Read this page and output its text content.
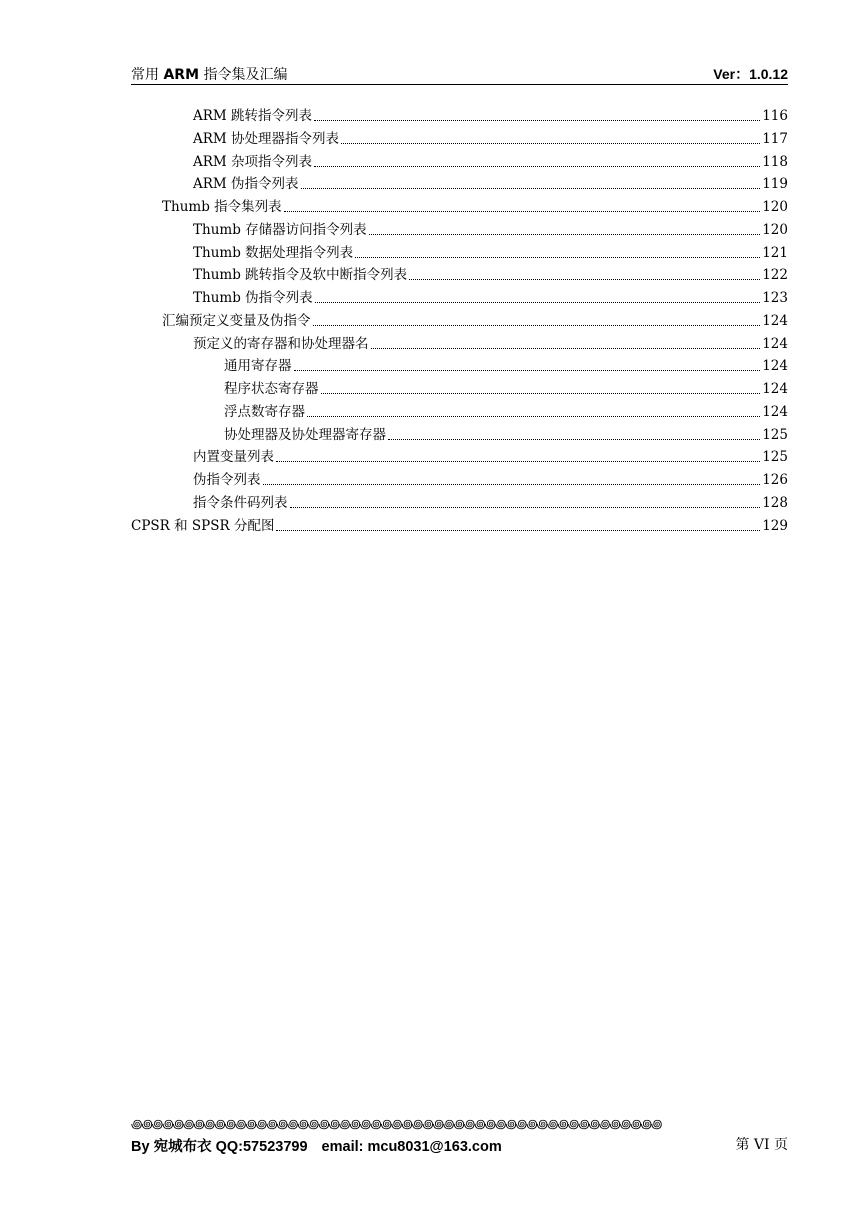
常用 ARM 指令集及汇编	Ver：1.0.12
ARM 跳转指令列表	116
ARM 协处理器指令列表	117
ARM 杂项指令列表	118
ARM 伪指令列表	119
Thumb 指令集列表	120
Thumb 存储器访问指令列表	120
Thumb 数据处理指令列表	121
Thumb 跳转指令及软中断指令列表	122
Thumb 伪指令列表	123
汇编预定义变量及伪指令	124
预定义的寄存器和协处理器名	124
通用寄存器	124
程序状态寄存器	124
浮点数寄存器	124
协处理器及协处理器寄存器	125
内置变量列表	125
伪指令列表	126
指令条件码列表	128
CPSR 和 SPSR 分配图	129
꩜꩜꩜꩜꩜꩜꩜꩜꩜꩜꩜꩜꩜꩜꩜꩜꩜꩜꩜꩜꩜꩜꩜꩜꩜꩜꩜꩜꩜꩜꩜꩜꩜꩜꩜꩜꩜꩜꩜꩜꩜꩜꩜꩜꩜꩜꩜꩜꩜꩜꩜
By 宛城布衣 QQ:57523799 email: mcu8031@163.com	第 VI 页
